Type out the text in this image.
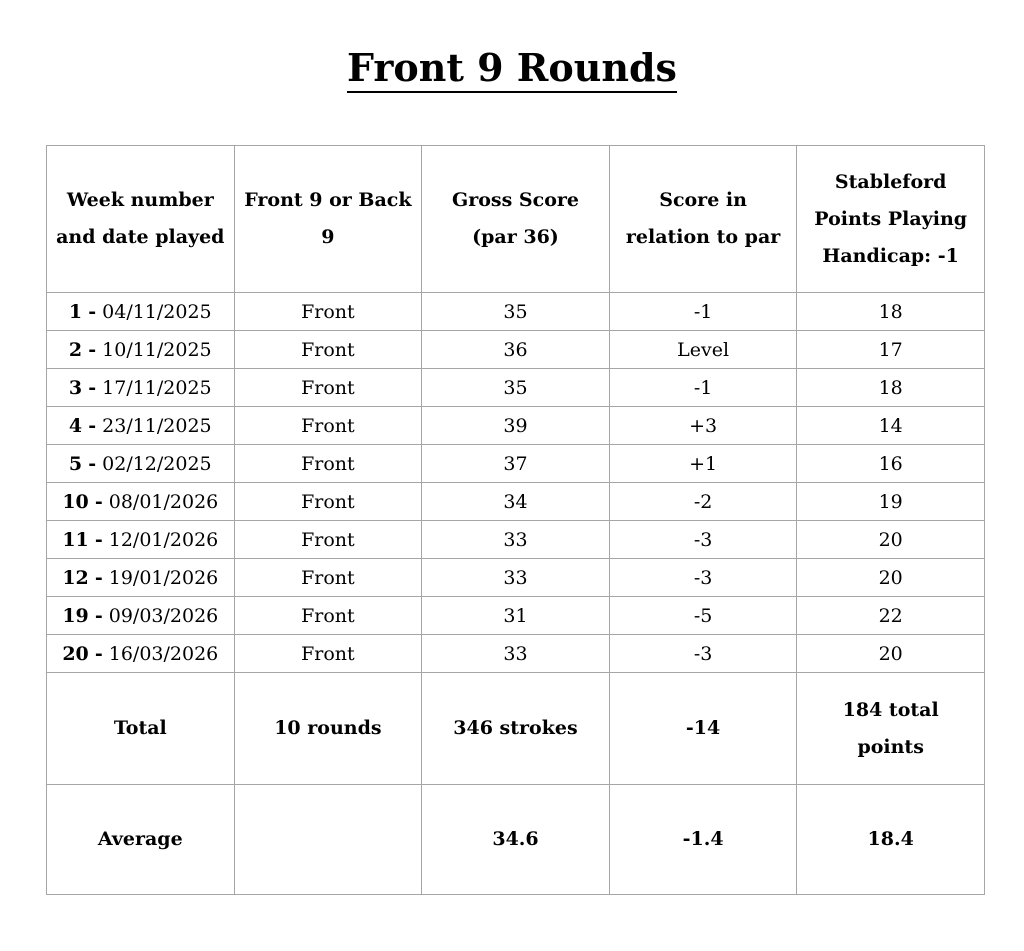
Front 9 Rounds
Week number and date played	Front 9 or Back 9	Gross Score (par 36)	Score in relation to par	Stableford Points Playing Handicap: -1
1 - 04/11/2025	Front	35	-1	18
2 - 10/11/2025	Front	36	Level	17
3 - 17/11/2025	Front	35	-1	18
4 - 23/11/2025	Front	39	+3	14
5 - 02/12/2025	Front	37	+1	16
10 - 08/01/2026	Front	34	-2	19
11 - 12/01/2026	Front	33	-3	20
12 - 19/01/2026	Front	33	-3	20
19 - 09/03/2026	Front	31	-5	22
20 - 16/03/2026	Front	33	-3	20
Total	10 rounds	346 strokes	-14	184 total points
Average		34.6	-1.4	18.4
